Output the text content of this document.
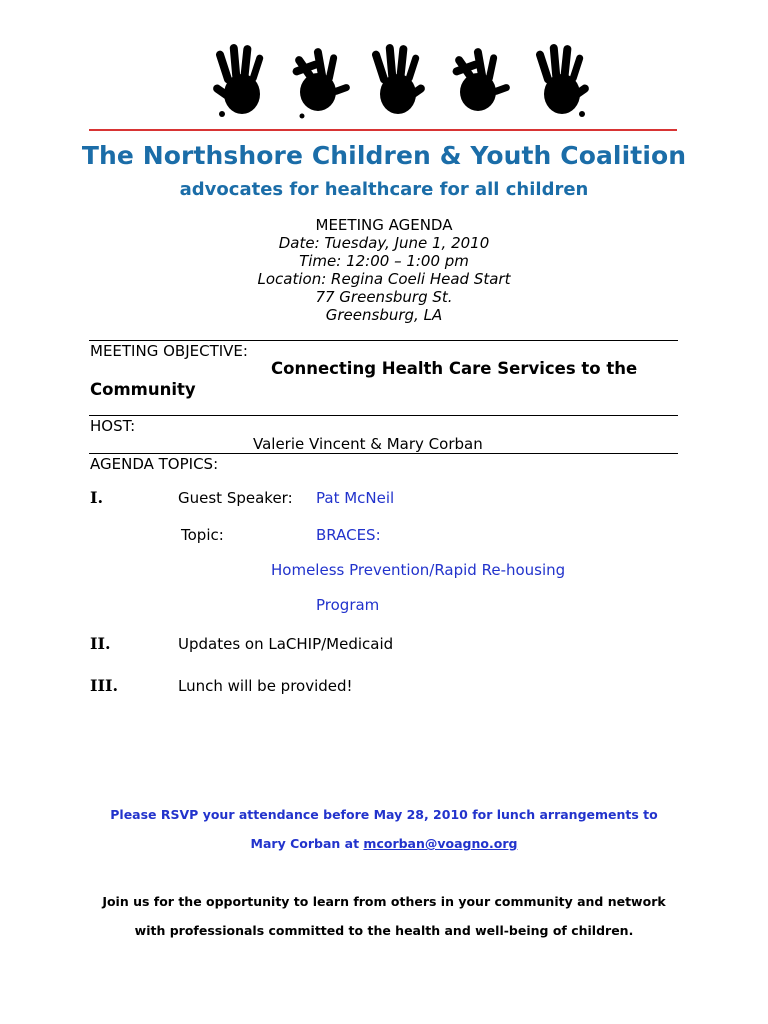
The Northshore Children & Youth Coalition
advocates for healthcare for all children
MEETING AGENDA
Date: Tuesday, June 1, 2010
Time: 12:00 – 1:00 pm
Location: Regina Coeli Head Start
77 Greensburg St.
Greensburg, LA
MEETING OBJECTIVE:
Connecting Health Care Services to the
Community
HOST:
Valerie Vincent & Mary Corban
AGENDA TOPICS:
I.	Guest Speaker: Pat McNeil
Topic:	BRACES:
Homeless Prevention/Rapid Re-housing
Program
II.	Updates on LaCHIP/Medicaid
III.	Lunch will be provided!
Please RSVP your attendance before May 28, 2010 for lunch arrangements to
Mary Corban at mcorban@voagno.org
Join us for the opportunity to learn from others in your community and network
with professionals committed to the health and well-being of children.
